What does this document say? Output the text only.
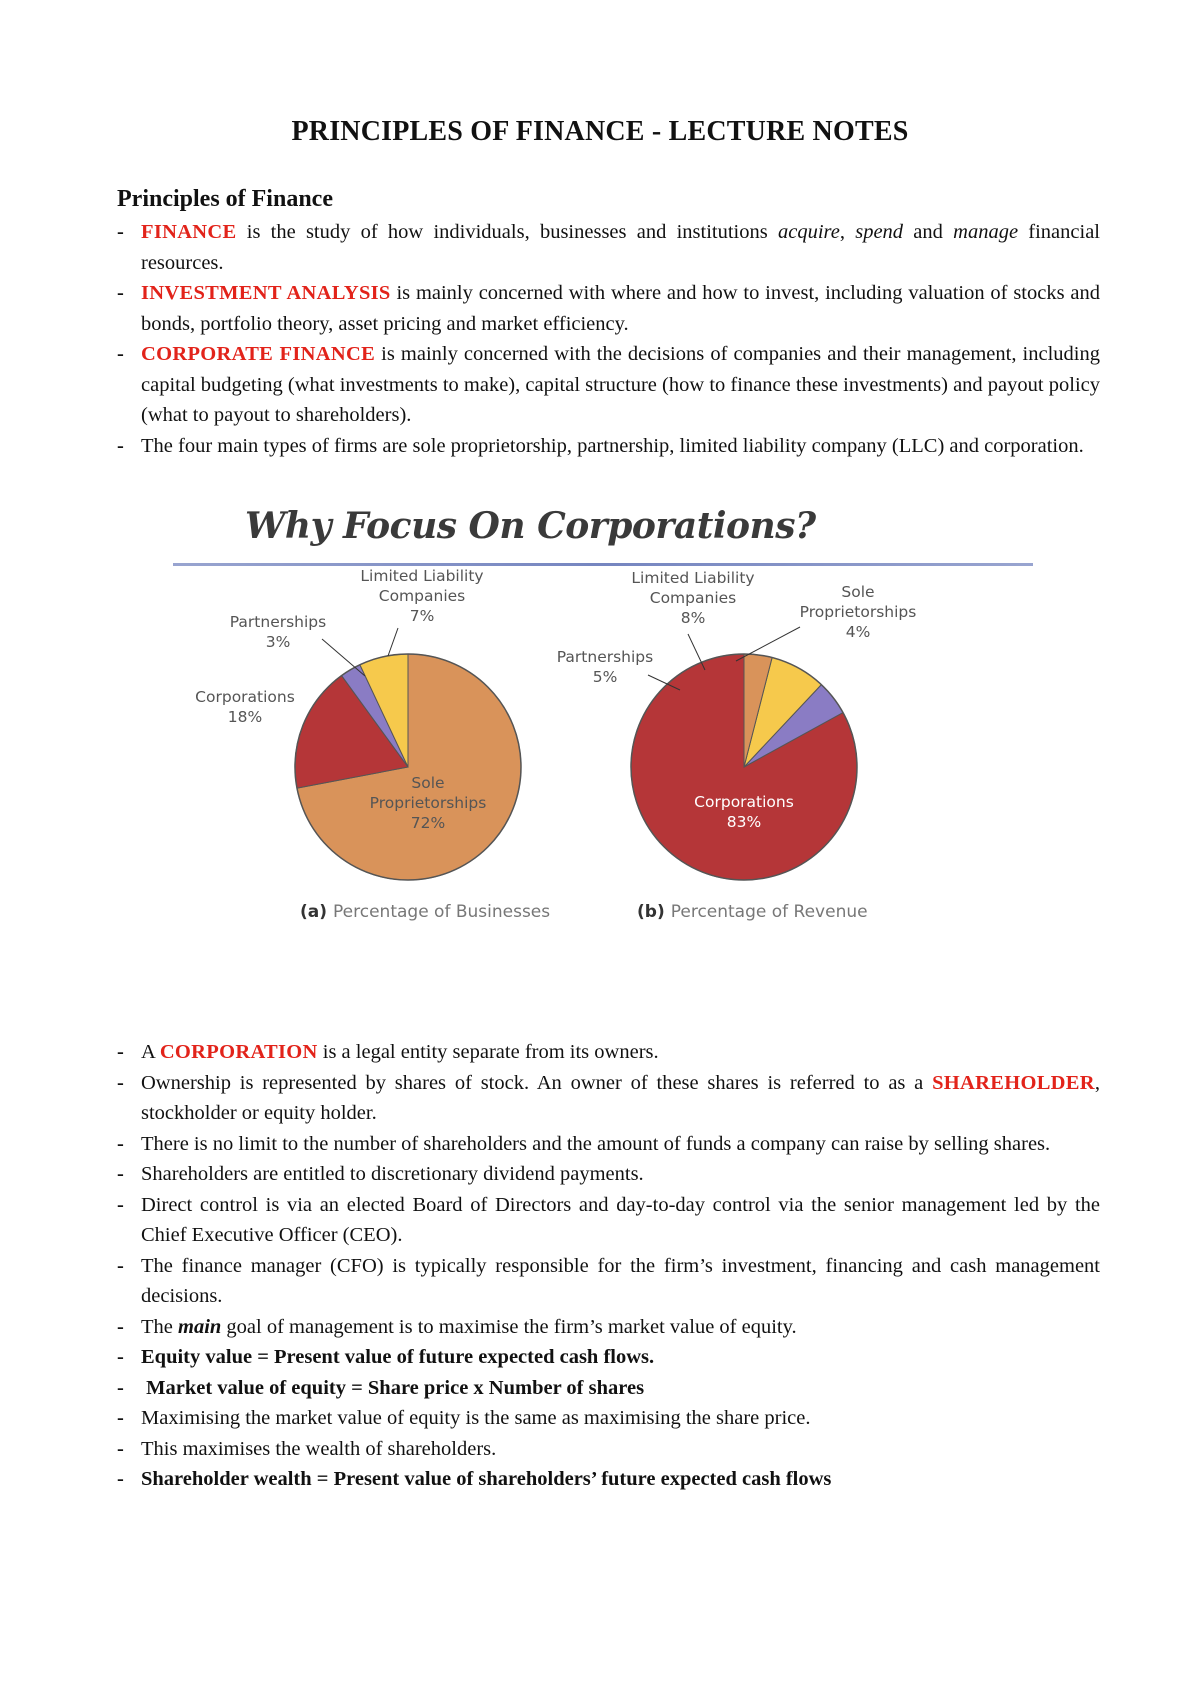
PRINCIPLES OF FINANCE - LECTURE NOTES
Principles of Finance
- FINANCE is the study of how individuals, businesses and institutions acquire, spend and manage financial resources.
- INVESTMENT ANALYSIS is mainly concerned with where and how to invest, including valuation of stocks and bonds, portfolio theory, asset pricing and market efficiency.
- CORPORATE FINANCE is mainly concerned with the decisions of companies and their management, including capital budgeting (what investments to make), capital structure (how to finance these investments) and payout policy (what to payout to shareholders).
- The four main types of firms are sole proprietorship, partnership, limited liability company (LLC) and corporation.
Why Focus On Corporations?
Sole Proprietorships 72%
Corporations 18%
Partnerships 3%
Limited Liability Companies 7%
(a) Percentage of Businesses
Corporations 83%
Partnerships 5%
Limited Liability Companies 8%
Sole Proprietorships 4%
(b) Percentage of Revenue
- A CORPORATION is a legal entity separate from its owners.
- Ownership is represented by shares of stock. An owner of these shares is referred to as a SHAREHOLDER, stockholder or equity holder.
- There is no limit to the number of shareholders and the amount of funds a company can raise by selling shares.
- Shareholders are entitled to discretionary dividend payments.
- Direct control is via an elected Board of Directors and day-to-day control via the senior management led by the Chief Executive Officer (CEO).
- The finance manager (CFO) is typically responsible for the firm’s investment, financing and cash management decisions.
- The main goal of management is to maximise the firm’s market value of equity.
- Equity value = Present value of future expected cash flows.
-  Market value of equity = Share price x Number of shares
- Maximising the market value of equity is the same as maximising the share price.
- This maximises the wealth of shareholders.
- Shareholder wealth = Present value of shareholders’ future expected cash flows
